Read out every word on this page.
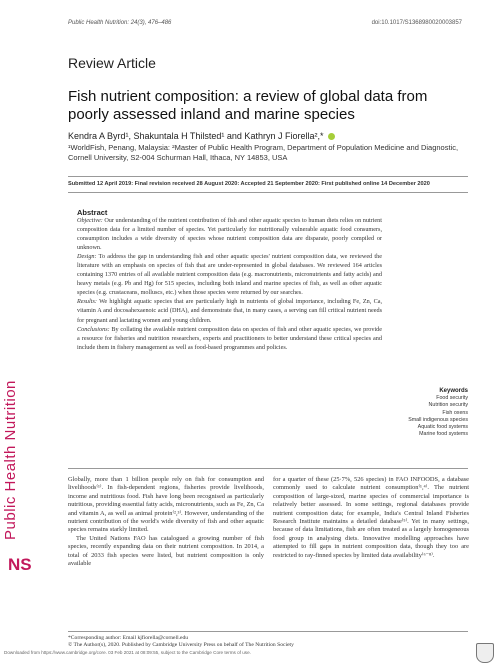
Public Health Nutrition
NS
Public Health Nutrition: 24(3), 476–486	doi:10.1017/S1368980020003857
Review Article
Fish nutrient composition: a review of global data from poorly assessed inland and marine species
Kendra A Byrd¹, Shakuntala H Thilsted¹ and Kathryn J Fiorella²,*
¹WorldFish, Penang, Malaysia: ²Master of Public Health Program, Department of Population Medicine and Diagnostic, Cornell University, S2-004 Schurman Hall, Ithaca, NY 14853, USA
Submitted 12 April 2019: Final revision received 28 August 2020: Accepted 21 September 2020: First published online 14 December 2020
Abstract

Objective: Our understanding of the nutrient contribution of fish and other aquatic species to human diets relies on nutrient composition data for a limited number of species. Yet particularly for nutritionally vulnerable aquatic food consumers, consumption includes a wide diversity of species whose nutrient composition data are disparate, poorly compiled or unknown.

Design: To address the gap in understanding fish and other aquatic species' nutrient composition data, we reviewed the literature with an emphasis on species of fish that are under-represented in global databases. We reviewed 164 articles containing 1370 entries of all available nutrient composition data (e.g. macronutrients, micronutrients and fatty acids) and heavy metals (e.g. Pb and Hg) for 515 species, including both inland and marine species of fish, as well as other aquatic species (e.g. crustaceans, molluscs, etc.) when those species were returned by our searches.

Results: We highlight aquatic species that are particularly high in nutrients of global importance, including Fe, Zn, Ca, vitamin A and docosahexaenoic acid (DHA), and demonstrate that, in many cases, a serving can fill critical nutrient needs for pregnant and lactating women and young children.

Conclusions: By collating the available nutrient composition data on species of fish and other aquatic species, we provide a resource for fisheries and nutrition researchers, experts and practitioners to better understand these critical species and include them in fishery management as well as food-based programmes and policies.

Keywords
Food security
Nutrition security
Fish oxens
Small indigenous species
Aquatic food systems
Marine food systems

Globally, more than 1 billion people rely on fish for consumption and livelihoods⁽¹⁾. In fish-dependent regions, fisheries provide livelihoods, income and nutritious food. Fish have long been recognised as particularly nutritious, providing essential fatty acids, micronutrients, such as Fe, Zn, Ca and vitamin A, as well as animal protein⁽²,³⁾. However, understanding of the nutrient contribution of the world's wide diversity of fish and other aquatic species remains starkly limited.

The United Nations FAO has catalogued a growing number of fish species, recently expanding data on their nutrient composition. In 2014, a total of 2033 fish species were listed, but nutrient composition is only available

for a quarter of these (25·7%, 526 species) in FAO INFOODS, a database commonly used to calculate nutrient consumption⁽¹,⁴⁾. The nutrient composition of large-sized, marine species of commercial importance is relatively better assessed. In some settings, regional databases provide nutrient composition data; for example, India's Central Inland Fisheries Research Institute maintains a detailed database⁽⁵⁾. Yet in many settings, because of data limitations, fish are often treated as a largely homogeneous food group in analysing diets. Innovative modelling approaches have attempted to fill gaps in nutrient composition data, though they too are restricted to ray-finned species by limited data availability⁽⁶⁻⁸⁾.

*Corresponding author: Email kjfiorella@cornell.edu
© The Author(s), 2020. Published by Cambridge University Press on behalf of The Nutrition Society
Downloaded from https://www.cambridge.org/core. 03 Feb 2021 at 08:09:55, subject to the Cambridge Core terms of use.
